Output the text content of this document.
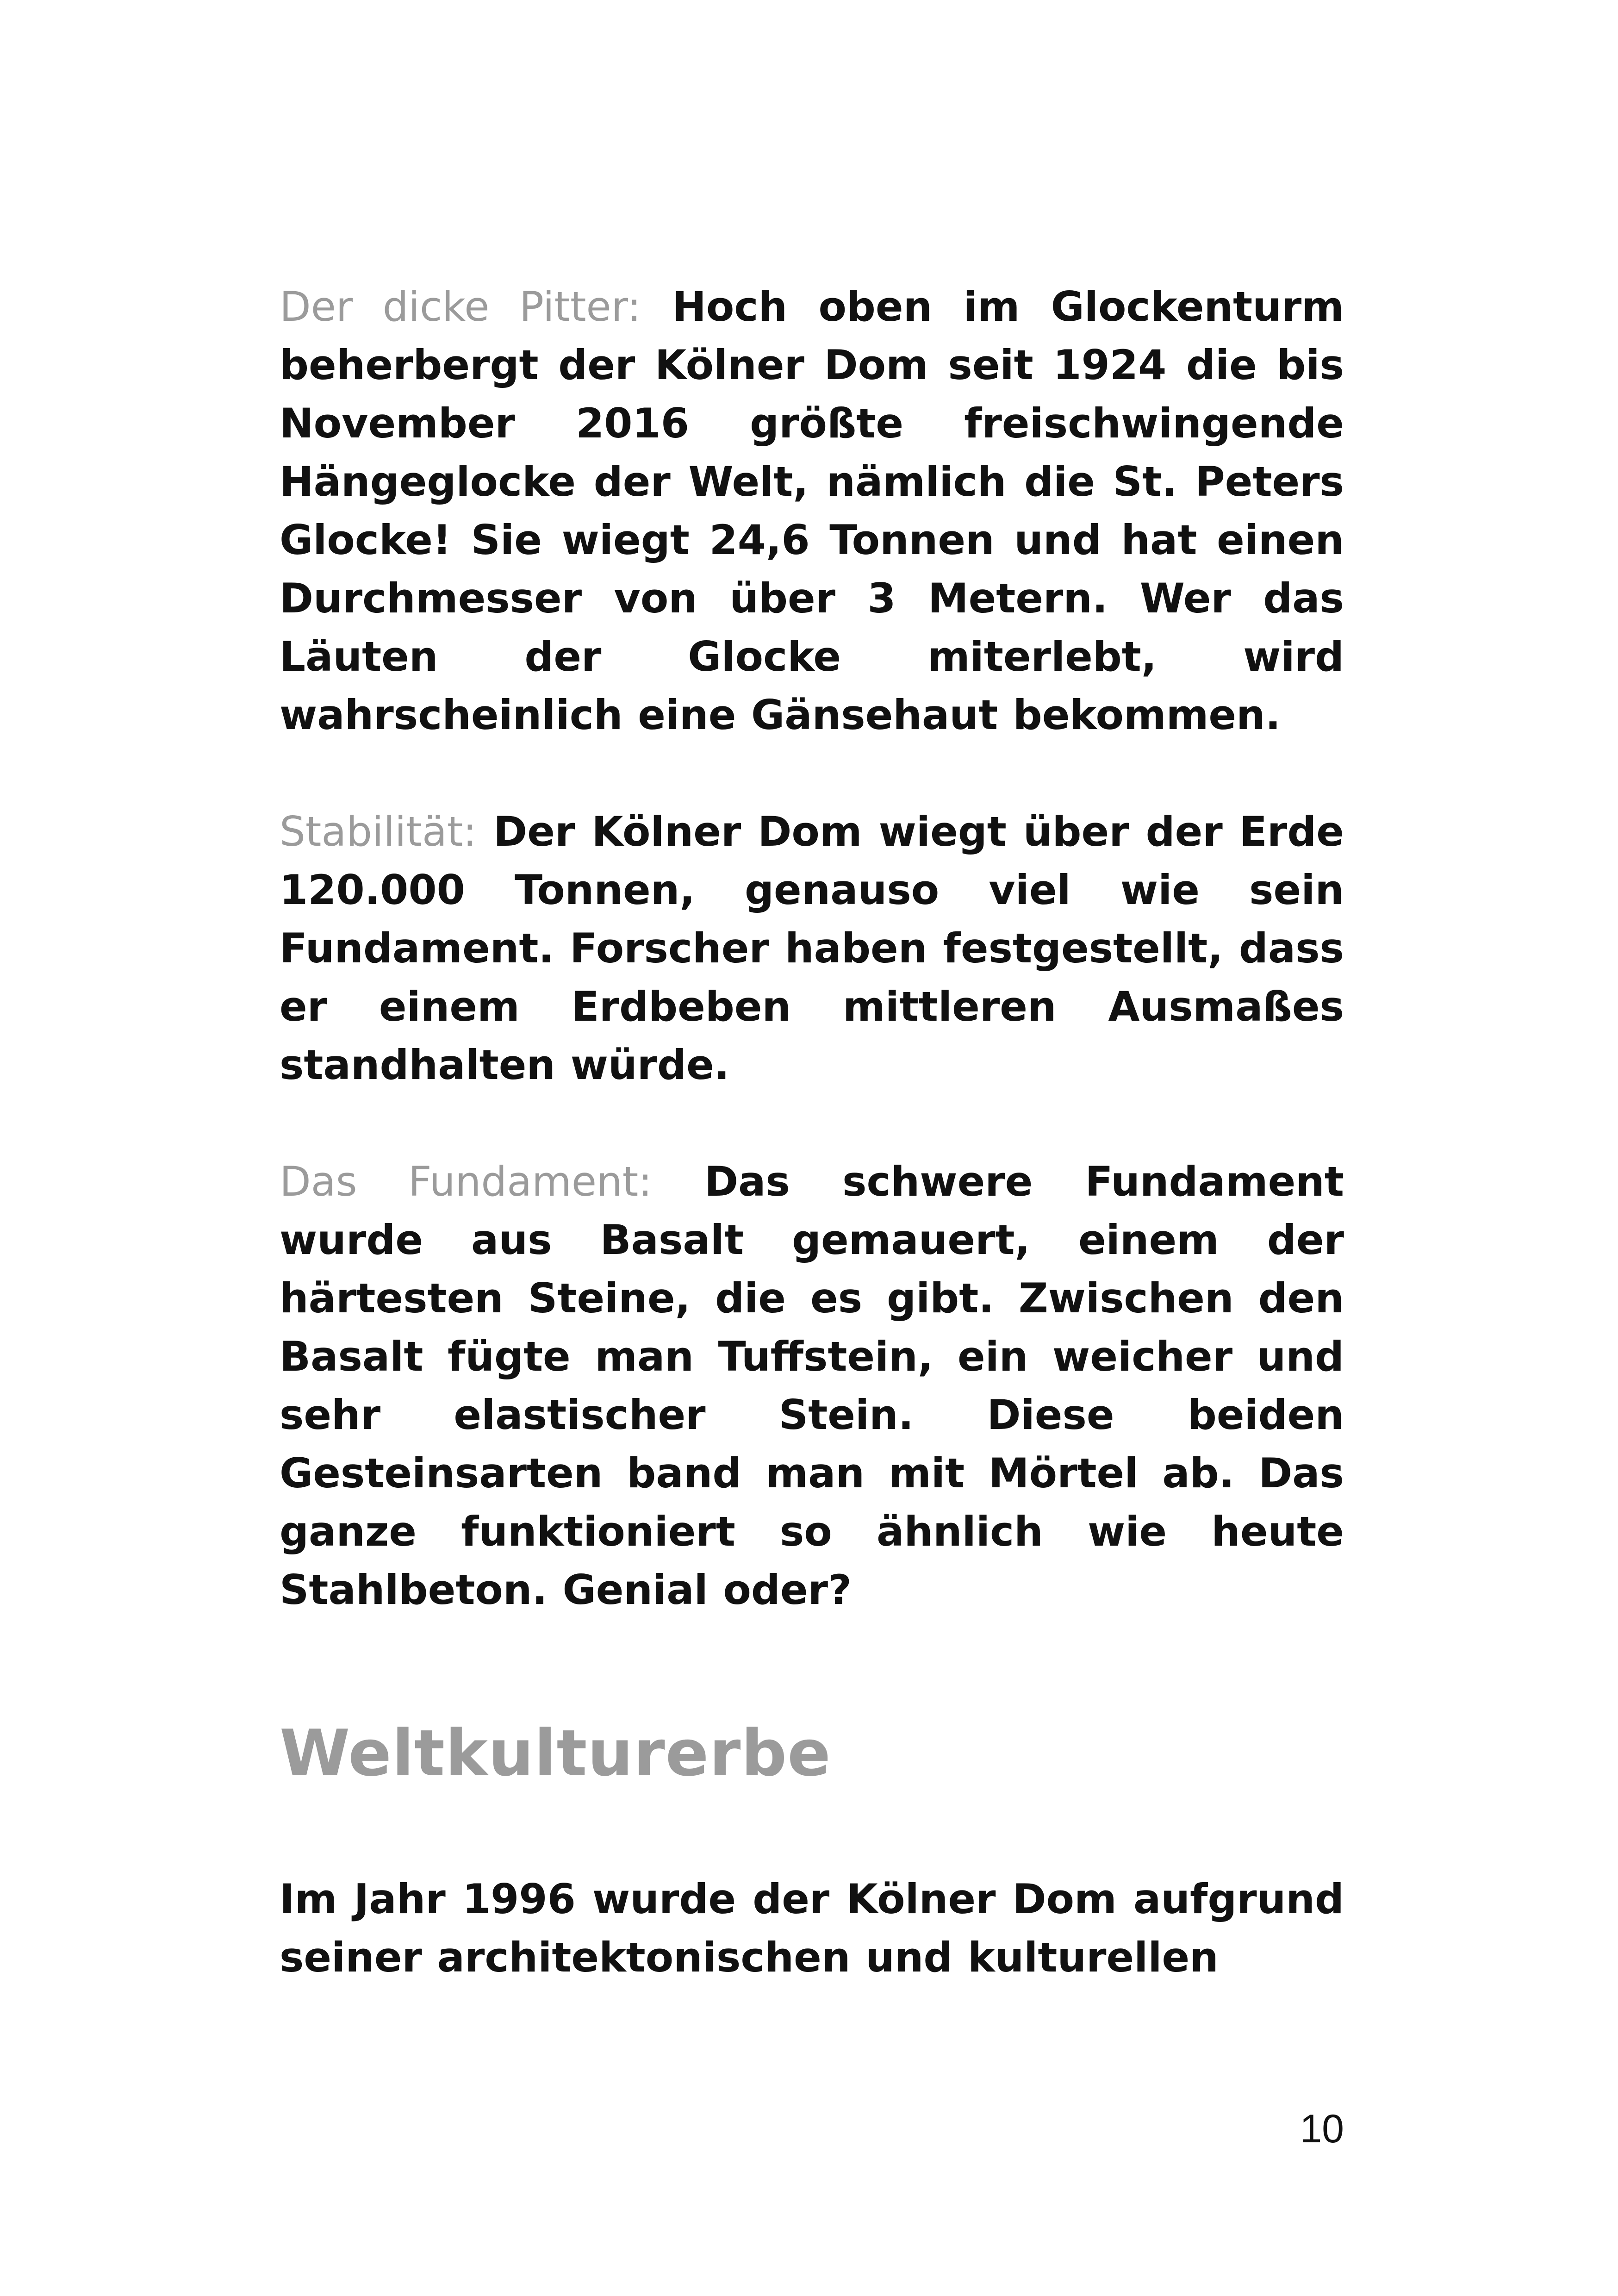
Der dicke Pitter: Hoch oben im Glockenturm beherbergt der Kölner Dom seit 1924 die bis November 2016 größte freischwingende Hängeglocke der Welt, nämlich die St. Peters Glocke! Sie wiegt 24,6 Tonnen und hat einen Durchmesser von über 3 Metern. Wer das Läuten der Glocke miterlebt, wird wahrscheinlich eine Gänsehaut bekommen.

Stabilität: Der Kölner Dom wiegt über der Erde 120.000 Tonnen, genauso viel wie sein Fundament. Forscher haben festgestellt, dass er einem Erdbeben mittleren Ausmaßes standhalten würde.

Das Fundament: Das schwere Fundament wurde aus Basalt gemauert, einem der härtesten Steine, die es gibt. Zwischen den Basalt fügte man Tuffstein, ein weicher und sehr elastischer Stein. Diese beiden Gesteinsarten band man mit Mörtel ab. Das ganze funktioniert so ähnlich wie heute Stahlbeton. Genial oder?

Weltkulturerbe

Im Jahr 1996 wurde der Kölner Dom aufgrund seiner architektonischen und kulturellen

10
